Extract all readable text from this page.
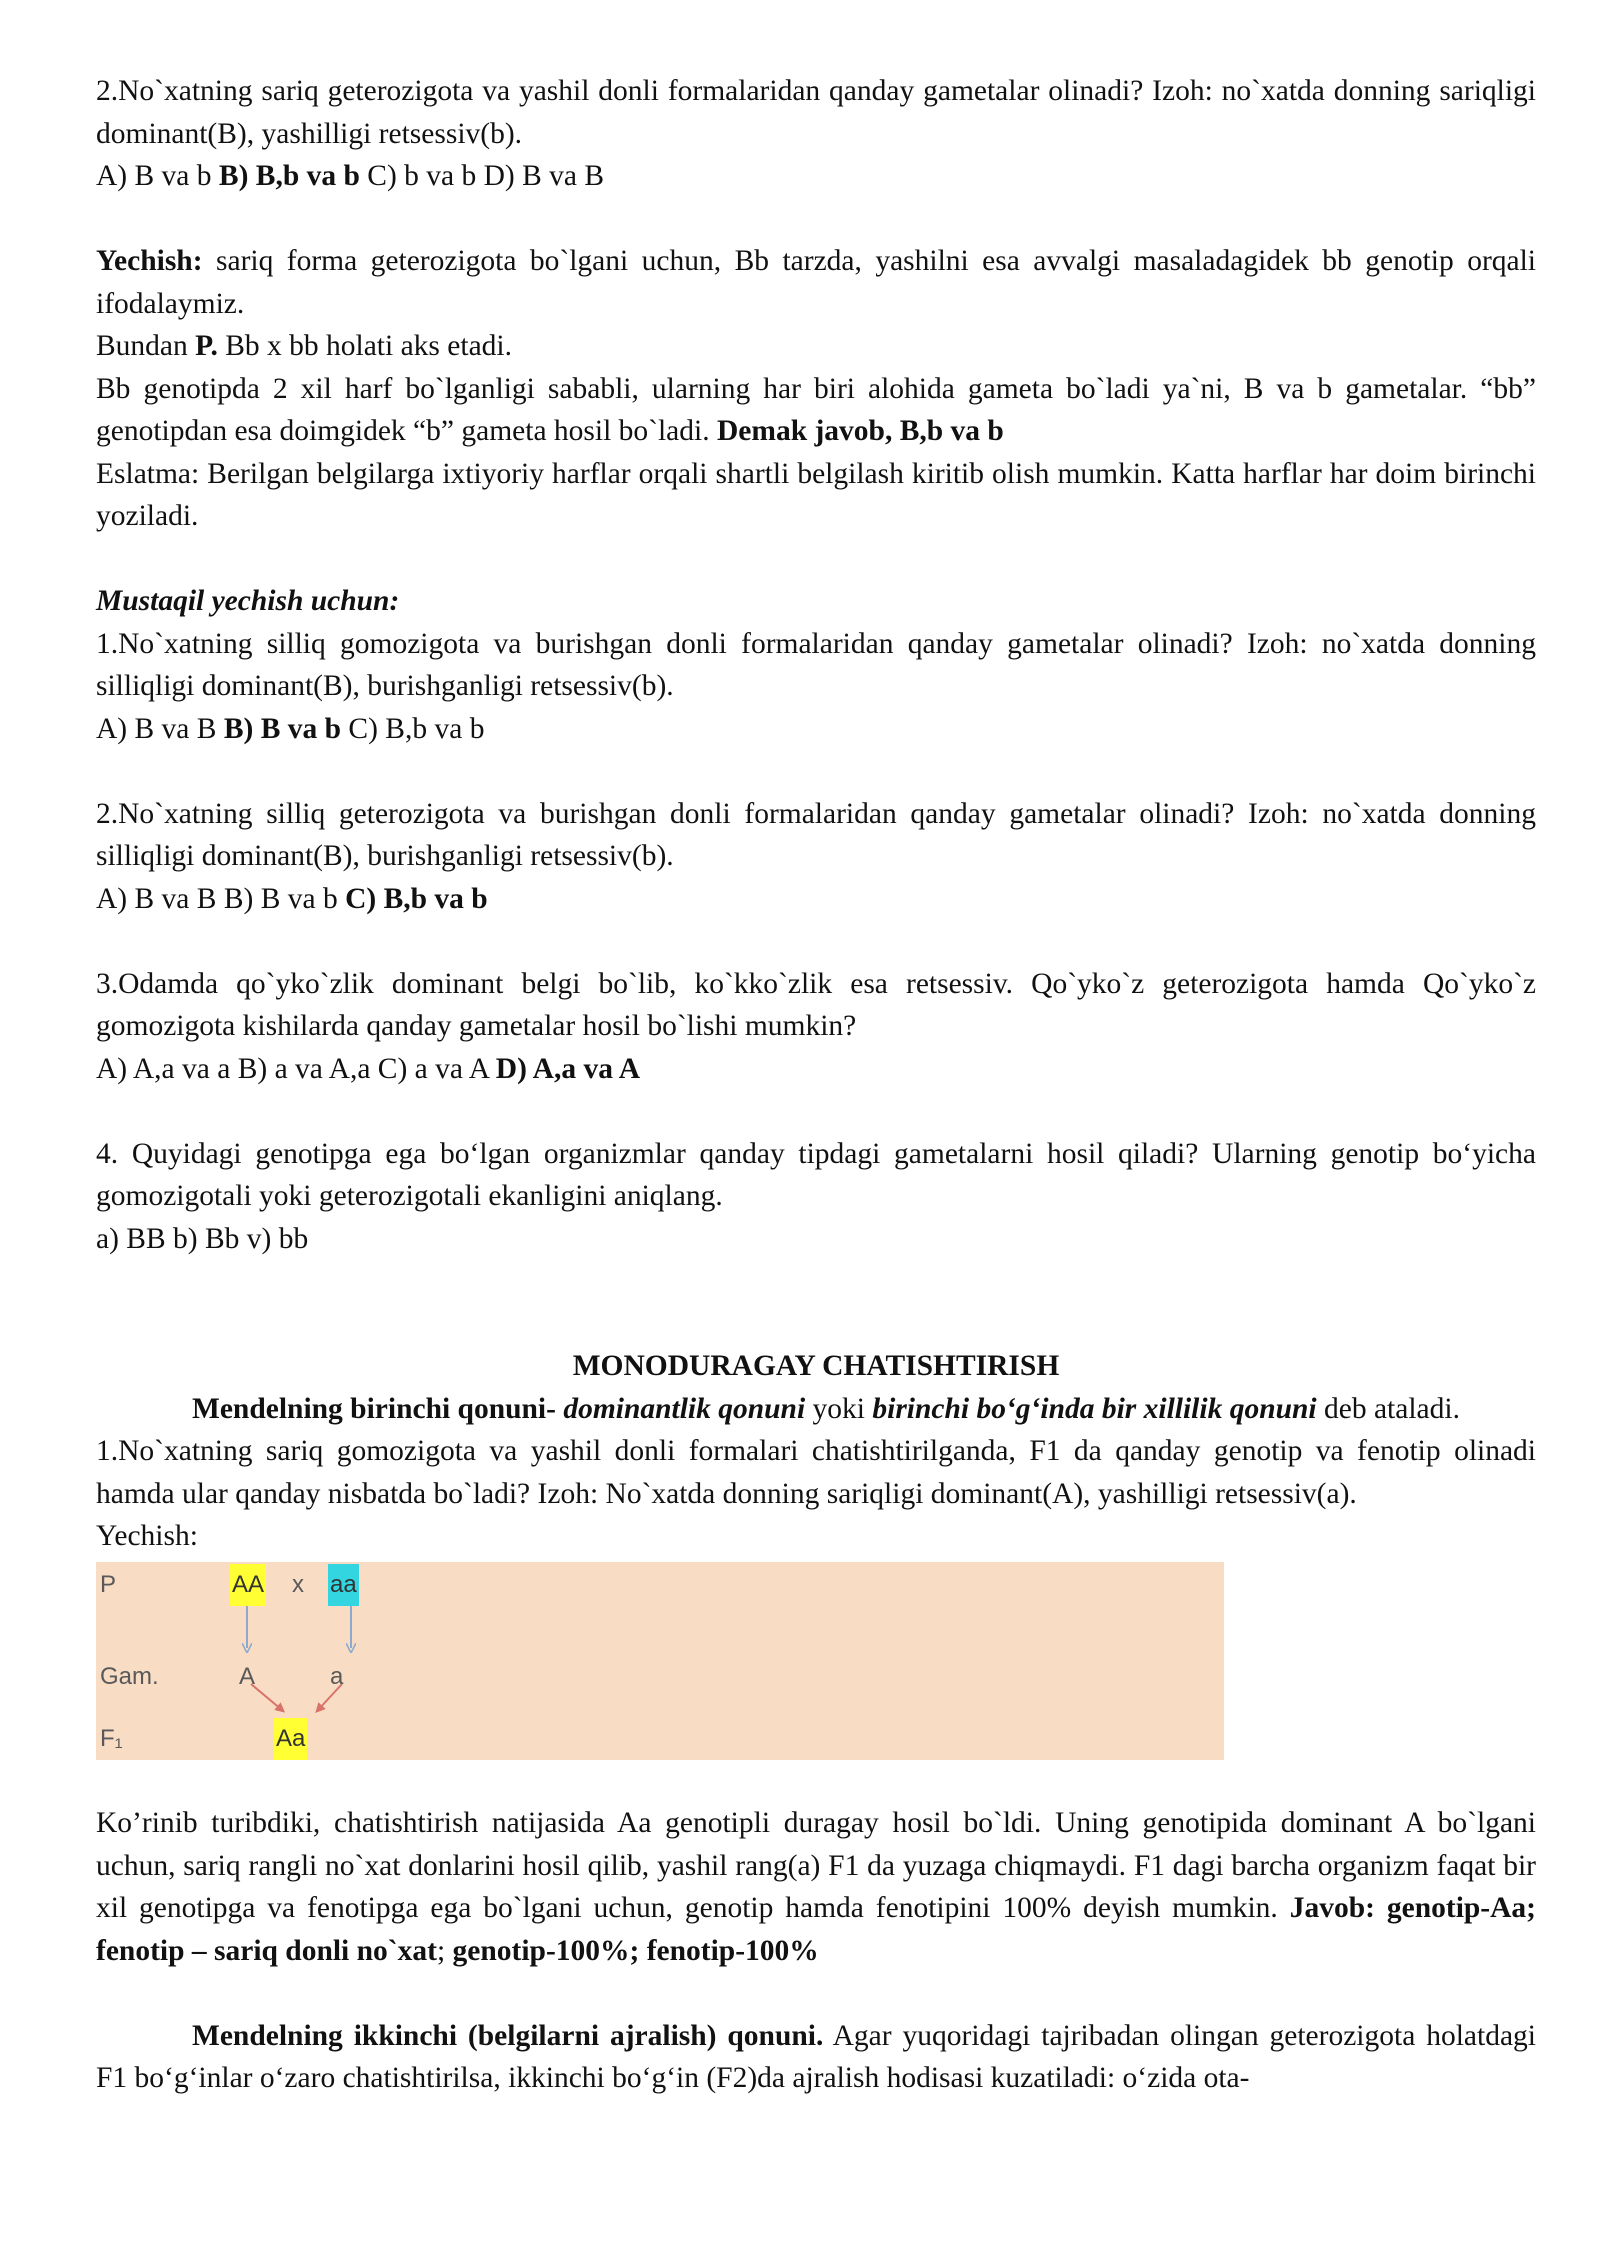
2.No`xatning sariq geterozigota va yashil donli formalaridan qanday gametalar olinadi? Izoh: no`xatda donning sariqligi dominant(B), yashilligi retsessiv(b).
A) B va b B) B,b va b C) b va b D) B va B
Yechish: sariq forma geterozigota bo`lgani uchun, Bb tarzda, yashilni esa avvalgi masaladagidek bb genotip orqali ifodalaymiz.
Bundan P. Bb x bb holati aks etadi.
Bb genotipda 2 xil harf bo`lganligi sababli, ularning har biri alohida gameta bo`ladi ya`ni, B va b gametalar. “bb” genotipdan esa doimgidek “b” gameta hosil bo`ladi. Demak javob, B,b va b
Eslatma: Berilgan belgilarga ixtiyoriy harflar orqali shartli belgilash kiritib olish mumkin. Katta harflar har doim birinchi yoziladi.
Mustaqil yechish uchun:
1.No`xatning silliq gomozigota va burishgan donli formalaridan qanday gametalar olinadi? Izoh: no`xatda donning silliqligi dominant(B), burishganligi retsessiv(b).
A) B va B B) B va b C) B,b va b
2.No`xatning silliq geterozigota va burishgan donli formalaridan qanday gametalar olinadi? Izoh: no`xatda donning silliqligi dominant(B), burishganligi retsessiv(b).
A) B va B B) B va b C) B,b va b
3.Odamda qo`yko`zlik dominant belgi bo`lib, ko`kko`zlik esa retsessiv. Qo`yko`z geterozigota hamda Qo`yko`z gomozigota kishilarda qanday gametalar hosil bo`lishi mumkin?
A) A,a va a B) a va A,a C) a va A D) A,a va A
4. Quyidagi genotipga ega bo‘lgan organizmlar qanday tipdagi gametalarni hosil qiladi? Ularning genotip bo‘yicha gomozigotali yoki geterozigotali ekanligini aniqlang.
a) BB b) Bb v) bb
MONODURAGAY CHATISHTIRISH
Mendelning birinchi qonuni- dominantlik qonuni yoki birinchi bo‘g‘inda bir xillilik qonuni deb ataladi.
1.No`xatning sariq gomozigota va yashil donli formalari chatishtirilganda, F1 da qanday genotip va fenotip olinadi hamda ular qanday nisbatda bo`ladi? Izoh: No`xatda donning sariqligi dominant(A), yashilligi retsessiv(a).
Yechish:
P	AA x aa
Gam.	A	a
F₁	Aa
Ko’rinib turibdiki, chatishtirish natijasida Aa genotipli duragay hosil bo`ldi. Uning genotipida dominant A bo`lgani uchun, sariq rangli no`xat donlarini hosil qilib, yashil rang(a) F1 da yuzaga chiqmaydi. F1 dagi barcha organizm faqat bir xil genotipga va fenotipga ega bo`lgani uchun, genotip hamda fenotipini 100% deyish mumkin. Javob: genotip-Aa; fenotip – sariq donli no`xat; genotip-100%; fenotip-100%
Mendelning ikkinchi (belgilarni ajralish) qonuni. Agar yuqoridagi tajribadan olingan geterozigota holatdagi F1 bo‘g‘inlar o‘zaro chatishtirilsa, ikkinchi bo‘g‘in (F2)da ajralish hodisasi kuzatiladi: o‘zida ota-
